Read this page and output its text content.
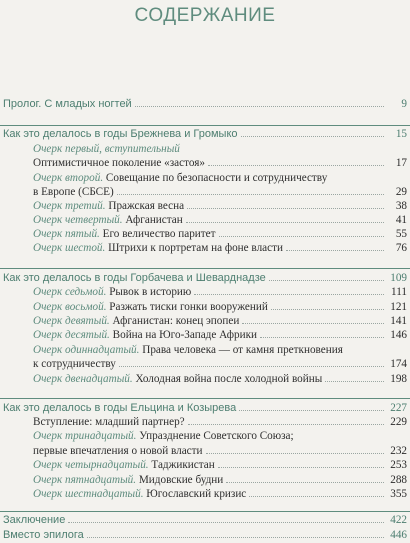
СОДЕРЖАНИЕ
Пролог. С младых ногтей	9
Как это делалось в годы Брежнева и Громыко	15
Очерк первый, вступительный
Оптимистичное поколение «застоя»	17
Очерк второй. Совещание по безопасности и сотрудничеству
в Европе (СБСЕ)	29
Очерк третий. Пражская весна	38
Очерк четвертый. Афганистан	41
Очерк пятый. Его величество паритет	55
Очерк шестой. Штрихи к портретам на фоне власти	76
Как это делалось в годы Горбачева и Шеварднадзе	109
Очерк седьмой. Рывок в историю	111
Очерк восьмой. Разжать тиски гонки вооружений	121
Очерк девятый. Афганистан: конец эпопеи	141
Очерк десятый. Война на Юго-Западе Африки	146
Очерк одиннадцатый. Права человека — от камня преткновения
к сотрудничеству	174
Очерк двенадцатый. Холодная война после холодной войны	198
Как это делалось в годы Ельцина и Козырева	227
Вступление: младший партнер?	229
Очерк тринадцатый. Упразднение Советского Союза;
первые впечатления о новой власти	232
Очерк четырнадцатый. Таджикистан	253
Очерк пятнадцатый. Мидовские будни	288
Очерк шестнадцатый. Югославский кризис	355
Заключение	422
Вместо эпилога	446
